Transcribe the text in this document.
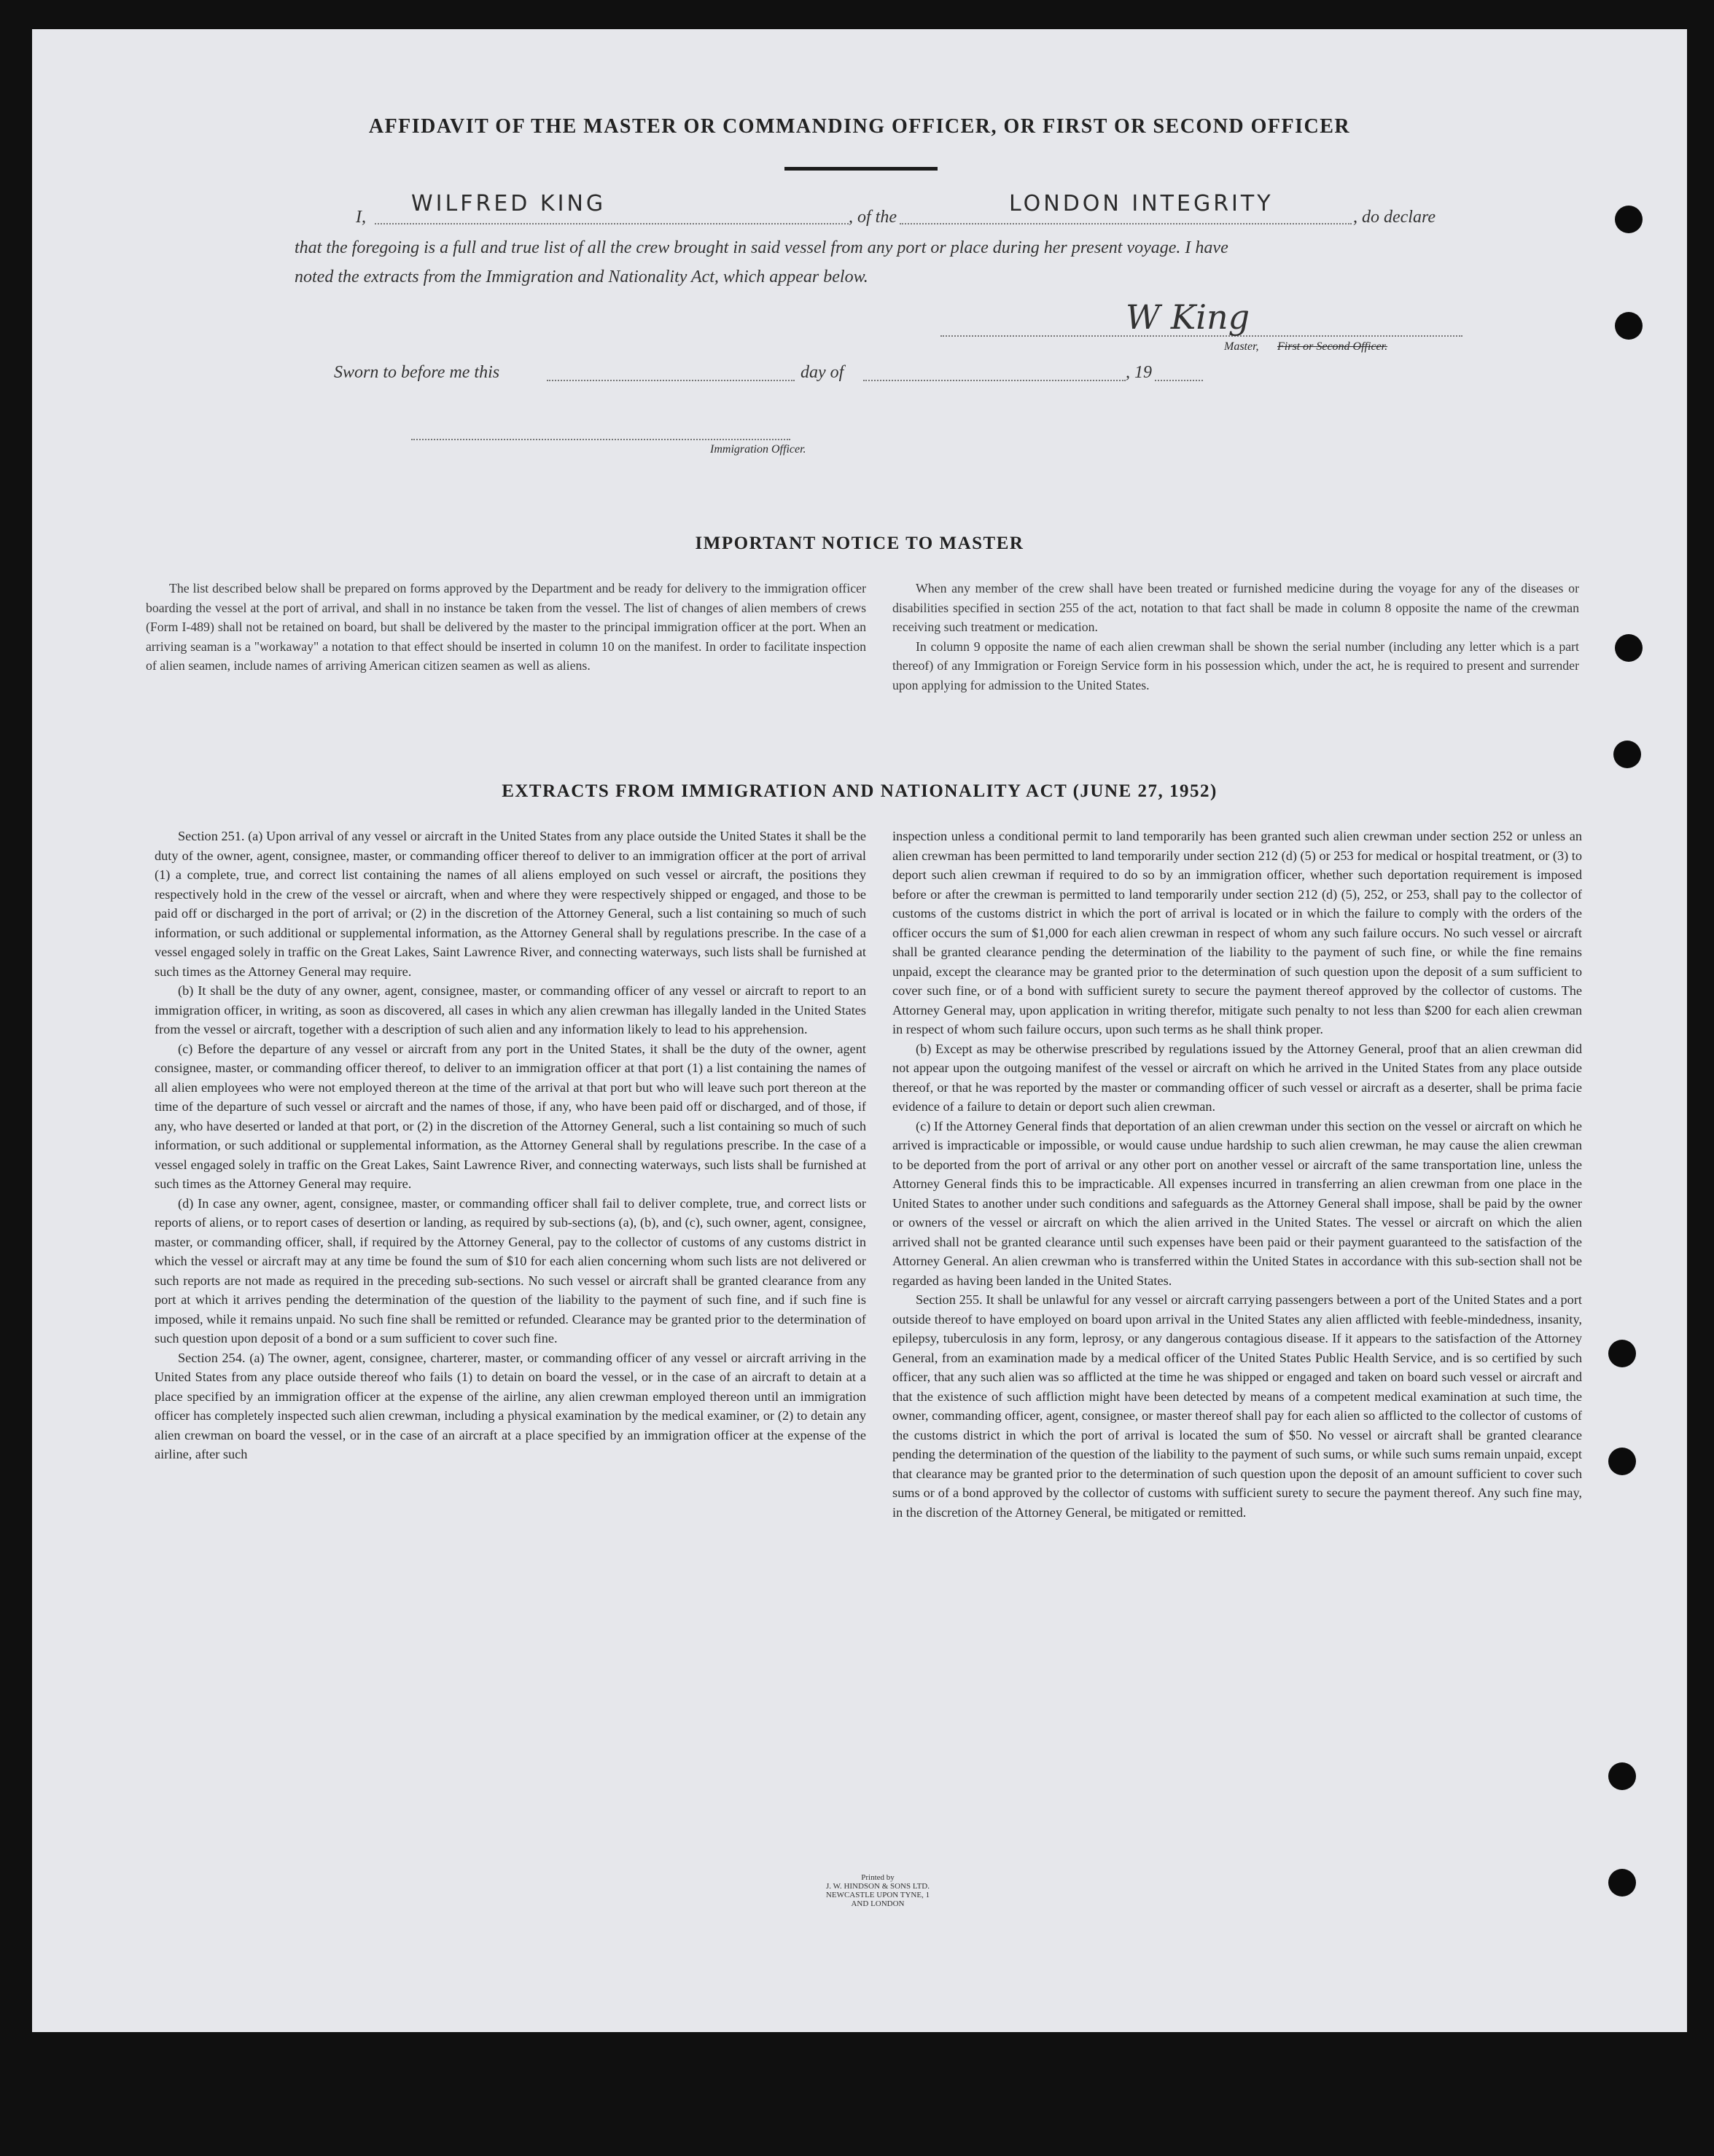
AFFIDAVIT OF THE MASTER OR COMMANDING OFFICER, OR FIRST OR SECOND OFFICER
I,
WILFRED KING
, of the
LONDON INTEGRITY
, do declare
that the foregoing is a full and true list of all the crew brought in said vessel from any port or place during her present voyage. I have
noted the extracts from the Immigration and Nationality Act, which appear below.
W King
Master, First or Second Officer.
Sworn to before me this	day of	, 19
Immigration Officer.
IMPORTANT NOTICE TO MASTER

The list described below shall be prepared on forms approved by the Department and be ready for delivery to the immigration officer boarding the vessel at the port of arrival, and shall in no instance be taken from the vessel. The list of changes of alien members of crews (Form I-489) shall not be retained on board, but shall be delivered by the master to the principal immigration officer at the port. When an arriving seaman is a "workaway" a notation to that effect should be inserted in column 10 on the manifest. In order to facilitate inspection of alien seamen, include names of arriving American citizen seamen as well as aliens.

When any member of the crew shall have been treated or furnished medicine during the voyage for any of the diseases or disabilities specified in section 255 of the act, notation to that fact shall be made in column 8 opposite the name of the crewman receiving such treatment or medication.

In column 9 opposite the name of each alien crewman shall be shown the serial number (including any letter which is a part thereof) of any Immigration or Foreign Service form in his possession which, under the act, he is required to present and surrender upon applying for admission to the United States.

EXTRACTS FROM IMMIGRATION AND NATIONALITY ACT (JUNE 27, 1952)

Section 251. (a) Upon arrival of any vessel or aircraft in the United States from any place outside the United States it shall be the duty of the owner, agent, consignee, master, or commanding officer thereof to deliver to an immigration officer at the port of arrival (1) a complete, true, and correct list containing the names of all aliens employed on such vessel or aircraft, the positions they respectively hold in the crew of the vessel or aircraft, when and where they were respectively shipped or engaged, and those to be paid off or discharged in the port of arrival; or (2) in the discretion of the Attorney General, such a list containing so much of such information, or such additional or supplemental information, as the Attorney General shall by regulations prescribe. In the case of a vessel engaged solely in traffic on the Great Lakes, Saint Lawrence River, and connecting waterways, such lists shall be furnished at such times as the Attorney General may require.

(b) It shall be the duty of any owner, agent, consignee, master, or commanding officer of any vessel or aircraft to report to an immigration officer, in writing, as soon as discovered, all cases in which any alien crewman has illegally landed in the United States from the vessel or aircraft, together with a description of such alien and any information likely to lead to his apprehension.

(c) Before the departure of any vessel or aircraft from any port in the United States, it shall be the duty of the owner, agent consignee, master, or commanding officer thereof, to deliver to an immigration officer at that port (1) a list containing the names of all alien employees who were not employed thereon at the time of the arrival at that port but who will leave such port thereon at the time of the departure of such vessel or aircraft and the names of those, if any, who have been paid off or discharged, and of those, if any, who have deserted or landed at that port, or (2) in the discretion of the Attorney General, such a list containing so much of such information, or such additional or supplemental information, as the Attorney General shall by regulations prescribe. In the case of a vessel engaged solely in traffic on the Great Lakes, Saint Lawrence River, and connecting waterways, such lists shall be furnished at such times as the Attorney General may require.

(d) In case any owner, agent, consignee, master, or commanding officer shall fail to deliver complete, true, and correct lists or reports of aliens, or to report cases of desertion or landing, as required by sub-sections (a), (b), and (c), such owner, agent, consignee, master, or commanding officer, shall, if required by the Attorney General, pay to the collector of customs of any customs district in which the vessel or aircraft may at any time be found the sum of $10 for each alien concerning whom such lists are not delivered or such reports are not made as required in the preceding sub-sections. No such vessel or aircraft shall be granted clearance from any port at which it arrives pending the determination of the question of the liability to the payment of such fine, and if such fine is imposed, while it remains unpaid. No such fine shall be remitted or refunded. Clearance may be granted prior to the determination of such question upon deposit of a bond or a sum sufficient to cover such fine.

Section 254. (a) The owner, agent, consignee, charterer, master, or commanding officer of any vessel or aircraft arriving in the United States from any place outside thereof who fails (1) to detain on board the vessel, or in the case of an aircraft to detain at a place specified by an immigration officer at the expense of the airline, any alien crewman employed thereon until an immigration officer has completely inspected such alien crewman, including a physical examination by the medical examiner, or (2) to detain any alien crewman on board the vessel, or in the case of an aircraft at a place specified by an immigration officer at the expense of the airline, after such

inspection unless a conditional permit to land temporarily has been granted such alien crewman under section 252 or unless an alien crewman has been permitted to land temporarily under section 212 (d) (5) or 253 for medical or hospital treatment, or (3) to deport such alien crewman if required to do so by an immigration officer, whether such deportation requirement is imposed before or after the crewman is permitted to land temporarily under section 212 (d) (5), 252, or 253, shall pay to the collector of customs of the customs district in which the port of arrival is located or in which the failure to comply with the orders of the officer occurs the sum of $1,000 for each alien crewman in respect of whom any such failure occurs. No such vessel or aircraft shall be granted clearance pending the determination of the liability to the payment of such fine, or while the fine remains unpaid, except the clearance may be granted prior to the determination of such question upon the deposit of a sum sufficient to cover such fine, or of a bond with sufficient surety to secure the payment thereof approved by the collector of customs. The Attorney General may, upon application in writing therefor, mitigate such penalty to not less than $200 for each alien crewman in respect of whom such failure occurs, upon such terms as he shall think proper.

(b) Except as may be otherwise prescribed by regulations issued by the Attorney General, proof that an alien crewman did not appear upon the outgoing manifest of the vessel or aircraft on which he arrived in the United States from any place outside thereof, or that he was reported by the master or commanding officer of such vessel or aircraft as a deserter, shall be prima facie evidence of a failure to detain or deport such alien crewman.

(c) If the Attorney General finds that deportation of an alien crewman under this section on the vessel or aircraft on which he arrived is impracticable or impossible, or would cause undue hardship to such alien crewman, he may cause the alien crewman to be deported from the port of arrival or any other port on another vessel or aircraft of the same transportation line, unless the Attorney General finds this to be impracticable. All expenses incurred in transferring an alien crewman from one place in the United States to another under such conditions and safeguards as the Attorney General shall impose, shall be paid by the owner or owners of the vessel or aircraft on which the alien arrived in the United States. The vessel or aircraft on which the alien arrived shall not be granted clearance until such expenses have been paid or their payment guaranteed to the satisfaction of the Attorney General. An alien crewman who is transferred within the United States in accordance with this sub-section shall not be regarded as having been landed in the United States.

Section 255. It shall be unlawful for any vessel or aircraft carrying passengers between a port of the United States and a port outside thereof to have employed on board upon arrival in the United States any alien afflicted with feeble-mindedness, insanity, epilepsy, tuberculosis in any form, leprosy, or any dangerous contagious disease. If it appears to the satisfaction of the Attorney General, from an examination made by a medical officer of the United States Public Health Service, and is so certified by such officer, that any such alien was so afflicted at the time he was shipped or engaged and taken on board such vessel or aircraft and that the existence of such affliction might have been detected by means of a competent medical examination at such time, the owner, commanding officer, agent, consignee, or master thereof shall pay for each alien so afflicted to the collector of customs of the customs district in which the port of arrival is located the sum of $50. No vessel or aircraft shall be granted clearance pending the determination of the question of the liability to the payment of such sums, or while such sums remain unpaid, except that clearance may be granted prior to the determination of such question upon the deposit of an amount sufficient to cover such sums or of a bond approved by the collector of customs with sufficient surety to secure the payment thereof. Any such fine may, in the discretion of the Attorney General, be mitigated or remitted.

Printed by
J. W. HINDSON & SONS LTD.
NEWCASTLE UPON TYNE, 1
AND LONDON
